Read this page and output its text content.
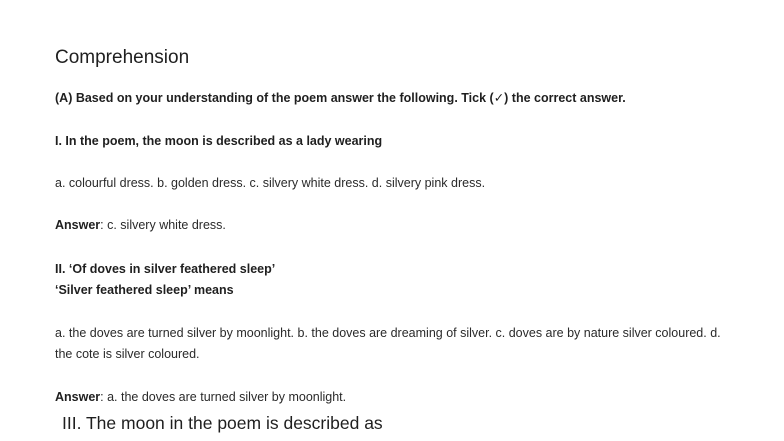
Comprehension
(A) Based on your understanding of the poem answer the following. Tick (✓) the correct answer.
I. In the poem, the moon is described as a lady wearing
a. colourful dress. b. golden dress. c. silvery white dress. d. silvery pink dress.
Answer: c. silvery white dress.
II. ‘Of doves in silver feathered sleep’
‘Silver feathered sleep’ means
a. the doves are turned silver by moonlight. b. the doves are dreaming of silver. c. doves are by nature silver coloured. d. the cote is silver coloured.
Answer: a. the doves are turned silver by moonlight.
III. The moon in the poem is described as
